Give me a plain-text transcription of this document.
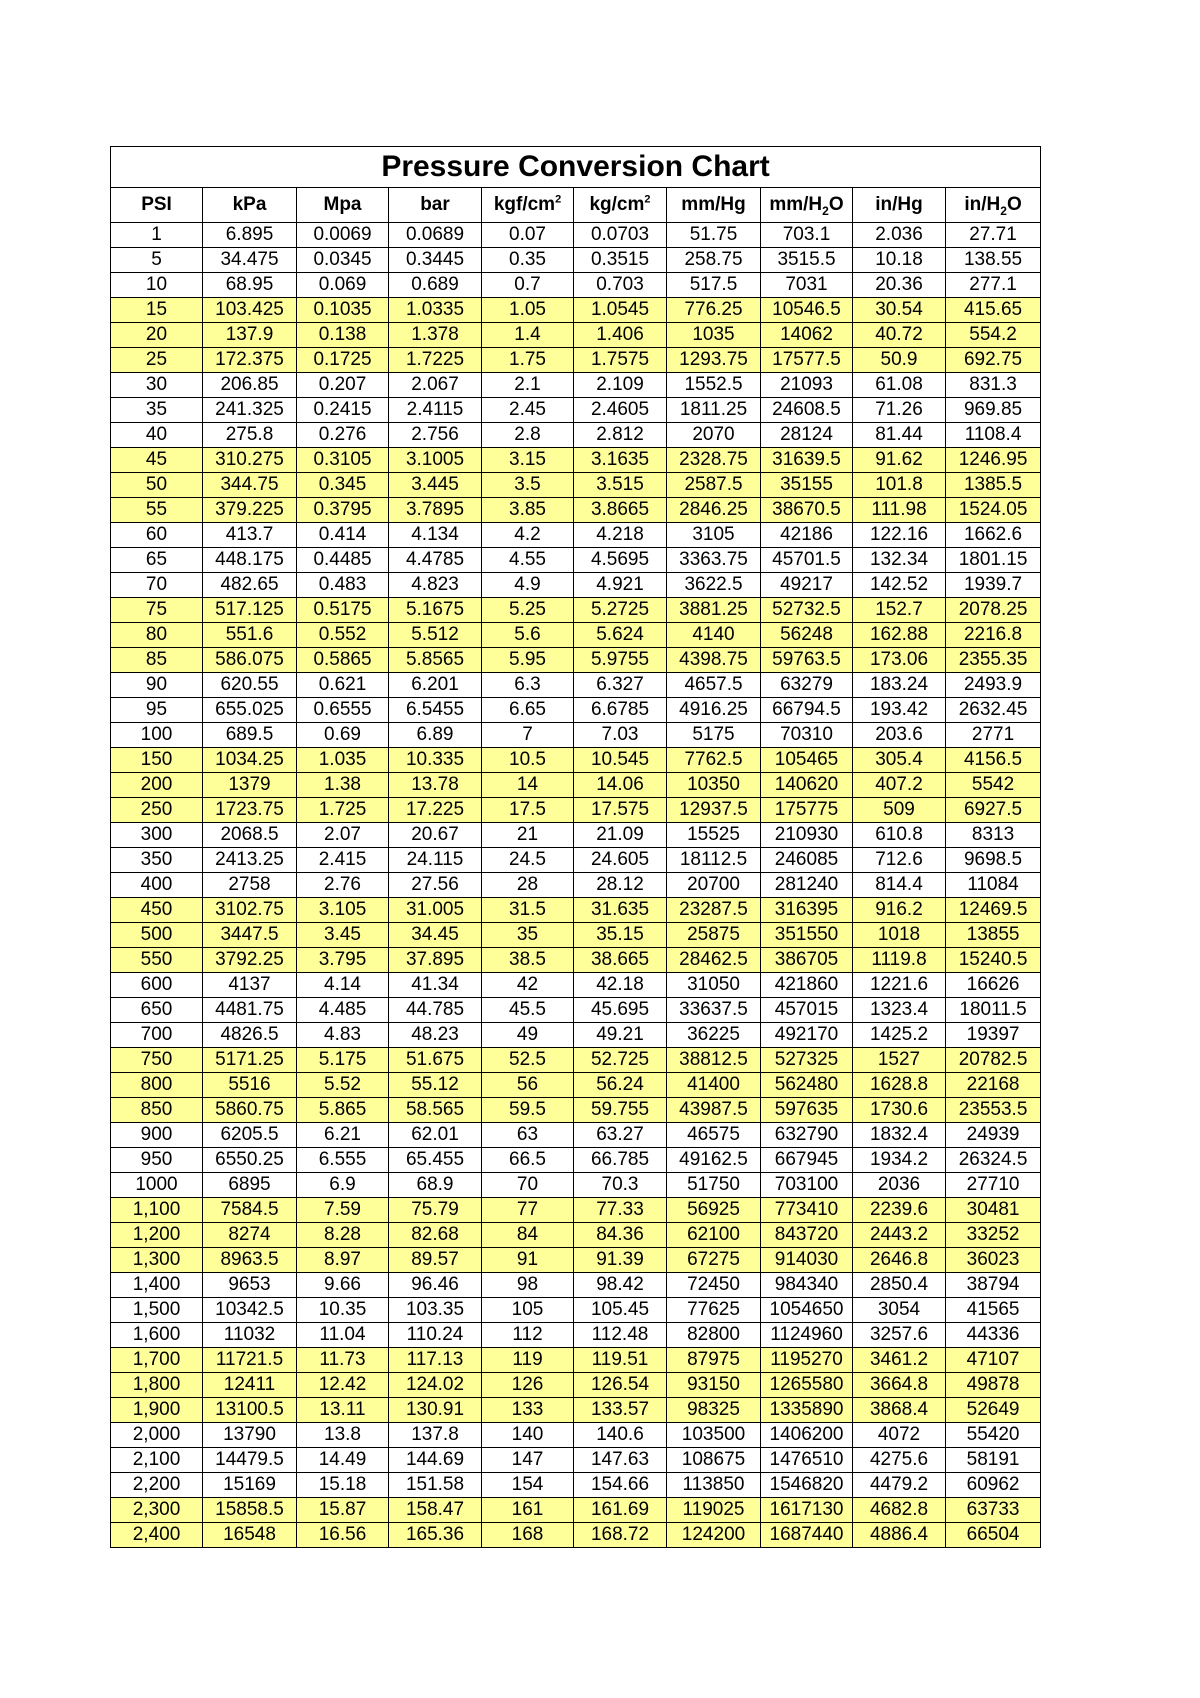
Pressure Conversion Chart									
PSI	kPa	Mpa	bar	kgf/$cm^2$	$kg/cm^2$	mm/Hg	$mm/H_2O$	in/Hg	$in/H_2O$
1	6.895	0.0069	0.0689	0.07	0.0703	51.75	703.1	2.036	27.71
5	34.475	0.0345	0.3445	0.35	0.3515	258.75	3515.5	10.18	138.55
10	68.95	0.069	0.689	0.7	0.703	517.5	7031	20.36	277.1
15	103.425	0.1035	1.0335	1.05	1.0545	776.25	10546.5	30.54	415.65
20	137.9	0.138	1.378	1.4	1.406	1035	14062	40.72	554.2
25	172.375	0.1725	1.7225	1.75	1.7575	1293.75	17577.5	50.9	692.75
30	206.85	0.207	2.067	2.1	2.109	1552.5	21093	61.08	831.3
35	241.325	0.2415	2.4115	2.45	2.4605	1811.25	24608.5	71.26	969.85
40	275.8	0.276	2.756	2.8	2.812	2070	28124	81.44	1108.4
45	310.275	0.3105	3.1005	3.15	3.1635	2328.75	31639.5	91.62	1246.95
50	344.75	0.345	3.445	3.5	3.515	2587.5	35155	101.8	1385.5
55	379.225	0.3795	3.7895	3.85	3.8665	2846.25	38670.5	111.98	1524.05
60	413.7	0.414	4.134	4.2	4.218	3105	42186	122.16	1662.6
65	448.175	0.4485	4.4785	4.55	4.5695	3363.75	45701.5	132.34	1801.15
70	482.65	0.483	4.823	4.9	4.921	3622.5	49217	142.52	1939.7
75	517.125	0.5175	5.1675	5.25	5.2725	3881.25	52732.5	152.7	2078.25
80	551.6	0.552	5.512	5.6	5.624	4140	56248	162.88	2216.8
85	586.075	0.5865	5.8565	5.95	5.9755	4398.75	59763.5	173.06	2355.35
90	620.55	0.621	6.201	6.3	6.327	4657.5	63279	183.24	2493.9
95	655.025	0.6555	6.5455	6.65	6.6785	4916.25	66794.5	193.42	2632.45
100	689.5	0.69	6.89	7	7.03	5175	70310	203.6	2771
150	1034.25	1.035	10.335	10.5	10.545	7762.5	105465	305.4	4156.5
200	1379	1.38	13.78	14	14.06	10350	140620	407.2	5542
250	1723.75	1.725	17.225	17.5	17.575	12937.5	175775	509	6927.5
300	2068.5	2.07	20.67	21	21.09	15525	210930	610.8	8313
350	2413.25	2.415	24.115	24.5	24.605	18112.5	246085	712.6	9698.5
400	2758	2.76	27.56	28	28.12	20700	281240	814.4	11084
450	3102.75	3.105	31.005	31.5	31.635	23287.5	316395	916.2	12469.5
500	3447.5	3.45	34.45	35	35.15	25875	351550	1018	13855
550	3792.25	3.795	37.895	38.5	38.665	28462.5	386705	1119.8	15240.5
600	4137	4.14	41.34	42	42.18	31050	421860	1221.6	16626
650	4481.75	4.485	44.785	45.5	45.695	33637.5	457015	1323.4	18011.5
700	4826.5	4.83	48.23	49	49.21	36225	492170	1425.2	19397
750	5171.25	5.175	51.675	52.5	52.725	38812.5	527325	1527	20782.5
800	5516	5.52	55.12	56	56.24	41400	562480	1628.8	22168
850	5860.75	5.865	58.565	59.5	59.755	43987.5	597635	1730.6	23553.5
900	6205.5	6.21	62.01	63	63.27	46575	632790	1832.4	24939
950	6550.25	6.555	65.455	66.5	66.785	49162.5	667945	1934.2	26324.5
1000	6895	6.9	68.9	70	70.3	51750	703100	2036	27710
1,100	7584.5	7.59	75.79	77	77.33	56925	773410	2239.6	30481
1,200	8274	8.28	82.68	84	84.36	62100	843720	2443.2	33252
1,300	8963.5	8.97	89.57	91	91.39	67275	914030	2646.8	36023
1,400	9653	9.66	96.46	98	98.42	72450	984340	2850.4	38794
1,500	10342.5	10.35	103.35	105	105.45	77625	1054650	3054	41565
1,600	11032	11.04	110.24	112	112.48	82800	1124960	3257.6	44336
1,700	11721.5	11.73	117.13	119	119.51	87975	1195270	3461.2	47107
1,800	12411	12.42	124.02	126	126.54	93150	1265580	3664.8	49878
1,900	13100.5	13.11	130.91	133	133.57	98325	1335890	3868.4	52649
2,000	13790	13.8	137.8	140	140.6	103500	1406200	4072	55420
2,100	14479.5	14.49	144.69	147	147.63	108675	1476510	4275.6	58191
2,200	15169	15.18	151.58	154	154.66	113850	1546820	4479.2	60962
2,300	15858.5	15.87	158.47	161	161.69	119025	1617130	4682.8	63733
2,400	16548	16.56	165.36	168	168.72	124200	1687440	4886.4	66504
